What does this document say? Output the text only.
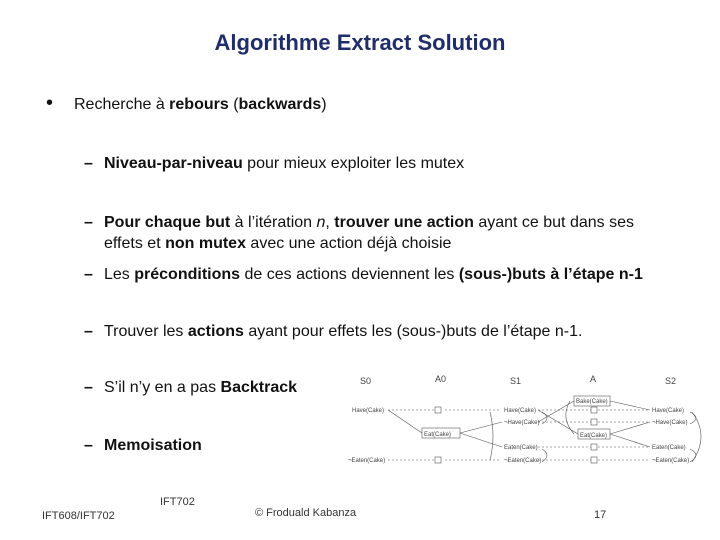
Algorithme Extract Solution
• Recherche à rebours (backwards)
– Niveau-par-niveau pour mieux exploiter les mutex
– Pour chaque but à l’itération n, trouver une action ayant ce but dans ses
effets et non mutex avec une action déjà choisie
– Les préconditions de ces actions deviennent les (sous-)buts à l’étape n-1
– Trouver les actions ayant pour effets les (sous-)buts de l’étape n-1.
– S’il n’y en a pas Backtrack
– Memoisation
S0	A0	S1	A	S2
Have(Cake)
¬Eaten(Cake)
Eat(Cake)
Have(Cake)
¬Have(Cake)
Eaten(Cake)
¬Eaten(Cake)
Bake(Cake)
Eat(Cake)
Have(Cake)
¬Have(Cake)
Eaten(Cake)
¬Eaten(Cake)
IFT608/IFT702
IFT702
© Froduald Kabanza	17
